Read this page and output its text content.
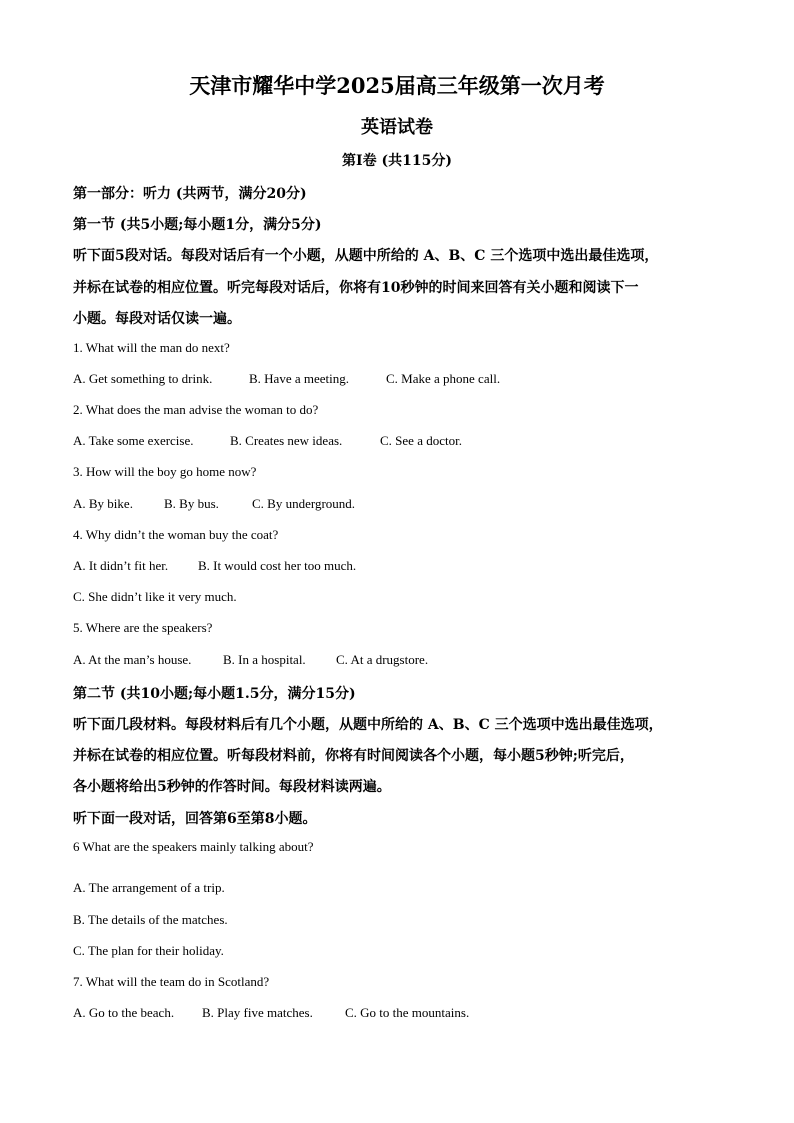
天津市耀华中学2025届高三年级第一次月考
英语试卷
第Ⅰ卷 (共115分)
第一部分：听力 (共两节，满分20分)
第一节 (共5小题;每小题1分，满分5分)
听下面5段对话。每段对话后有一个小题，从题中所给的 A、B、C 三个选项中选出最佳选项，
并标在试卷的相应位置。听完每段对话后，你将有10秒钟的时间来回答有关小题和阅读下一
小题。每段对话仅读一遍。
1. What will the man do next?
A. Get something to drink.	B. Have a meeting.	C. Make a phone call.
2. What does the man advise the woman to do?
A. Take some exercise.	B. Creates new ideas.	C. See a doctor.
3. How will the boy go home now?
A. By bike. B. By bus.	C. By underground.
4. Why didn’t the woman buy the coat?
A. It didn’t fit her. B. It would cost her too much.
C. She didn’t like it very much.
5. Where are the speakers?
A. At the man’s house. B. In a hospital. C. At a drugstore.
第二节 (共10小题;每小题1.5分，满分15分)
听下面几段材料。每段材料后有几个小题，从题中所给的 A、B、C 三个选项中选出最佳选项，
并标在试卷的相应位置。听每段材料前，你将有时间阅读各个小题，每小题5秒钟;听完后，
各小题将给出5秒钟的作答时间。每段材料读两遍。
听下面一段对话，回答第6至第8小题。
6 What are the speakers mainly talking about?
A. The arrangement of a trip.
B. The details of the matches.
C. The plan for their holiday.
7. What will the team do in Scotland?
A. Go to the beach. B. Play five matches. C. Go to the mountains.
